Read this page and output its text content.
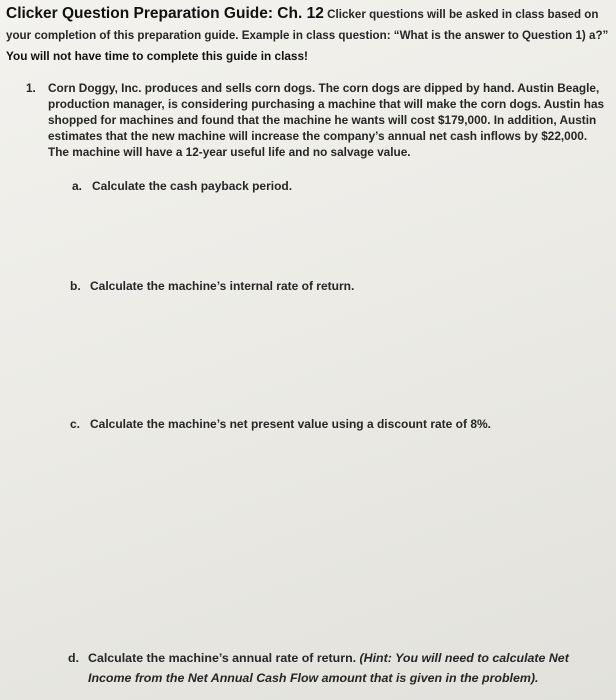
Clicker Question Preparation Guide: Ch. 12 Clicker questions will be asked in class based on your completion of this preparation guide. Example in class question: “What is the answer to Question 1) a?” You will not have time to complete this guide in class!
1. Corn Doggy, Inc. produces and sells corn dogs. The corn dogs are dipped by hand. Austin Beagle, production manager, is considering purchasing a machine that will make the corn dogs. Austin has shopped for machines and found that the machine he wants will cost $179,000. In addition, Austin estimates that the new machine will increase the company’s annual net cash inflows by $22,000. The machine will have a 12-year useful life and no salvage value.
a. Calculate the cash payback period.
b. Calculate the machine’s internal rate of return.
c. Calculate the machine’s net present value using a discount rate of 8%.
d. Calculate the machine’s annual rate of return. (Hint: You will need to calculate Net
Income from the Net Annual Cash Flow amount that is given in the problem).
